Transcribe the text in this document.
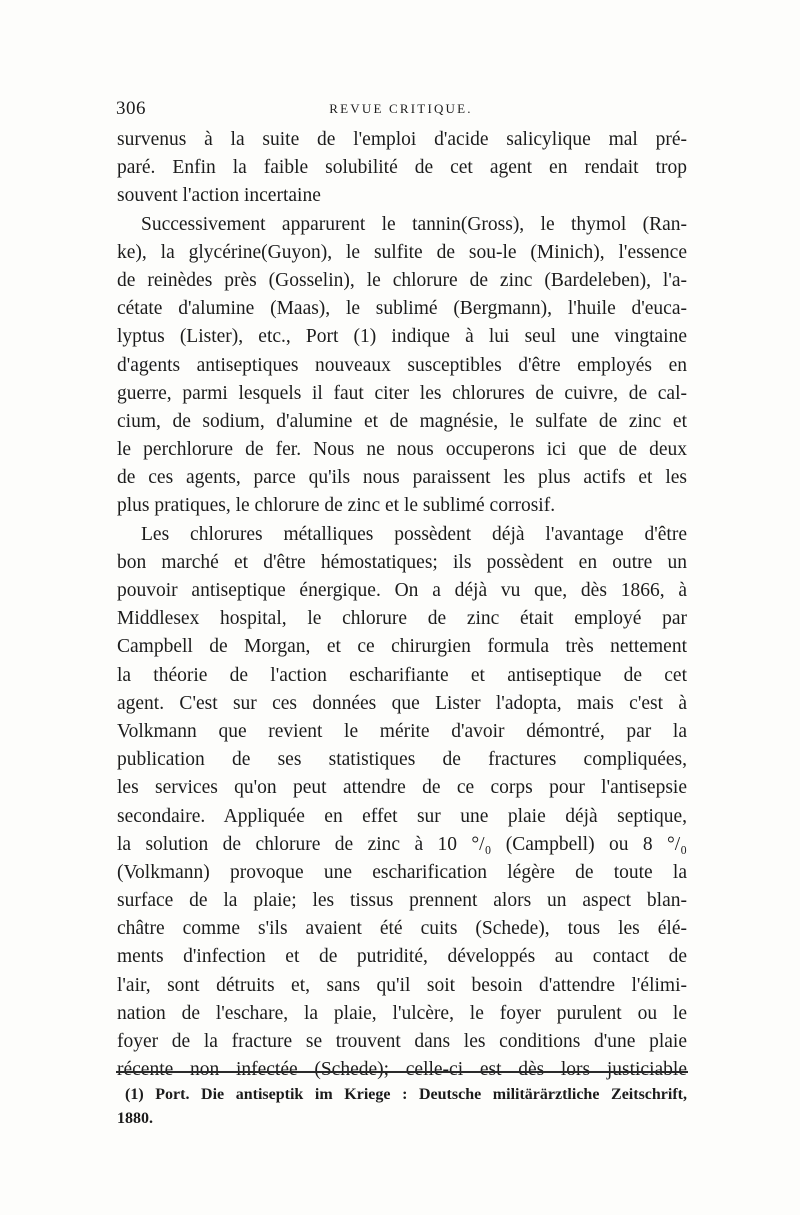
306	REVUE CRITIQUE.
survenus à la suite de l'emploi d'acide salicylique mal pré-
paré. Enfin la faible solubilité de cet agent en rendait trop
souvent l'action incertaine
Successivement apparurent le tannin(Gross), le thymol (Ran-
ke), la glycérine(Guyon), le sulfite de sou-le (Minich), l'essence
de reinèdes près (Gosselin), le chlorure de zinc (Bardeleben), l'a-
cétate d'alumine (Maas), le sublimé (Bergmann), l'huile d'euca-
lyptus (Lister), etc., Port (1) indique à lui seul une vingtaine
d'agents antiseptiques nouveaux susceptibles d'être employés en
guerre, parmi lesquels il faut citer les chlorures de cuivre, de cal-
cium, de sodium, d'alumine et de magnésie, le sulfate de zinc et
le perchlorure de fer. Nous ne nous occuperons ici que de deux
de ces agents, parce qu'ils nous paraissent les plus actifs et les
plus pratiques, le chlorure de zinc et le sublimé corrosif.
Les chlorures métalliques possèdent déjà l'avantage d'être
bon marché et d'être hémostatiques; ils possèdent en outre un
pouvoir antiseptique énergique. On a déjà vu que, dès 1866, à
Middlesex hospital, le chlorure de zinc était employé par
Campbell de Morgan, et ce chirurgien formula très nettement
la théorie de l'action escharifiante et antiseptique de cet
agent. C'est sur ces données que Lister l'adopta, mais c'est à
Volkmann que revient le mérite d'avoir démontré, par la
publication de ses statistiques de fractures compliquées,
les services qu'on peut attendre de ce corps pour l'antisepsie
secondaire. Appliquée en effet sur une plaie déjà septique,
la solution de chlorure de zinc à 10 °/₀ (Campbell) ou 8 °/₀
(Volkmann) provoque une escharification légère de toute la
surface de la plaie; les tissus prennent alors un aspect blan-
châtre comme s'ils avaient été cuits (Schede), tous les élé-
ments d'infection et de putridité, développés au contact de
l'air, sont détruits et, sans qu'il soit besoin d'attendre l'élimi-
nation de l'eschare, la plaie, l'ulcère, le foyer purulent ou le
foyer de la fracture se trouvent dans les conditions d'une plaie
récente non infectée (Schede); celle-ci est dès lors justiciable
(1) Port. Die antiseptik im Kriege : Deutsche militärärztliche Zeitschrift,
1880.
